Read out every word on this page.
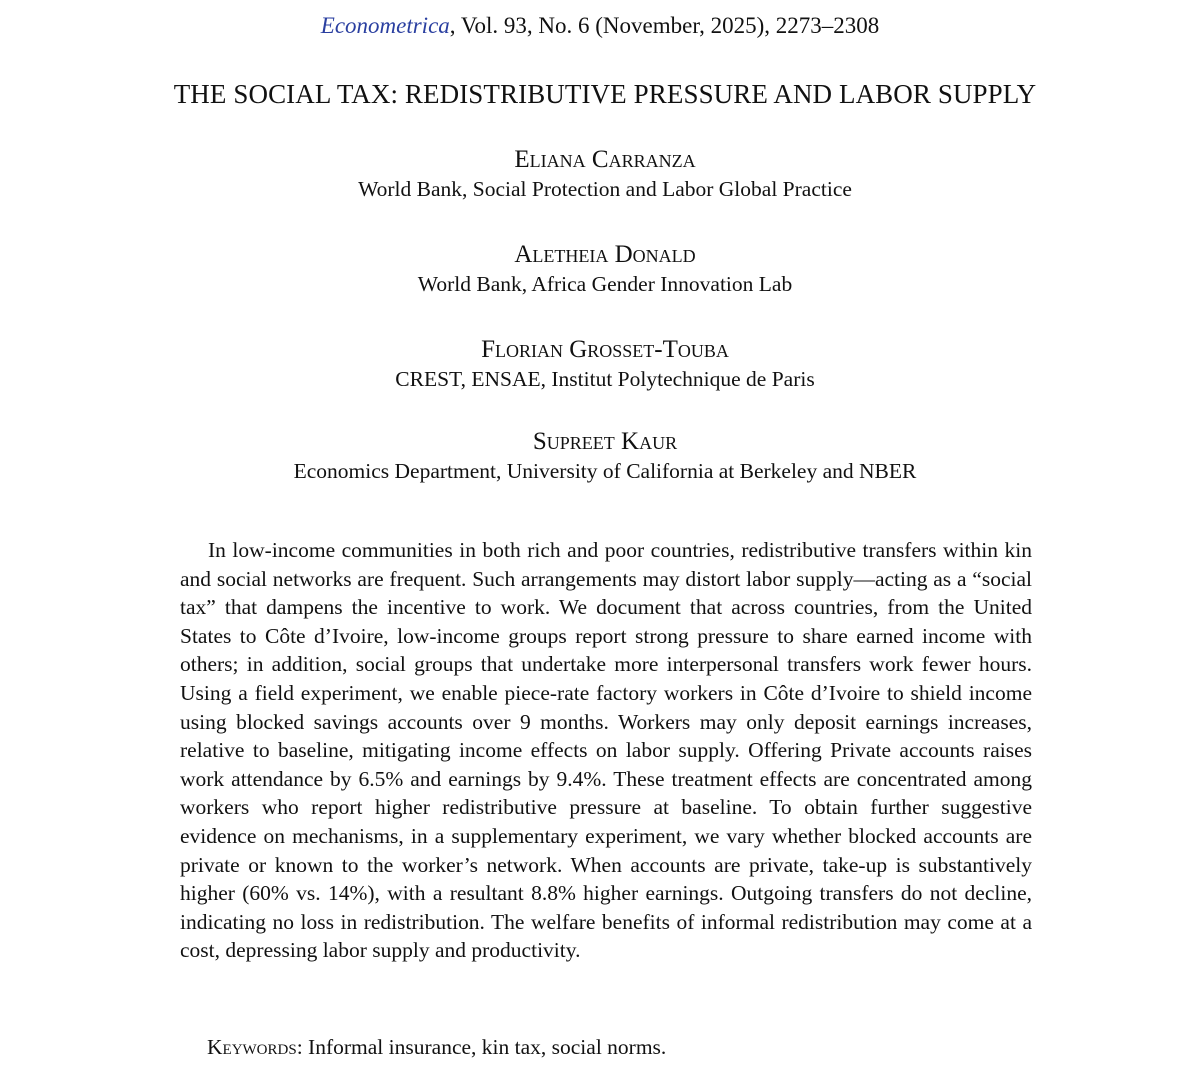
Econometrica, Vol. 93, No. 6 (November, 2025), 2273–2308
THE SOCIAL TAX: REDISTRIBUTIVE PRESSURE AND LABOR SUPPLY
Eliana Carranza
World Bank, Social Protection and Labor Global Practice
Aletheia Donald
World Bank, Africa Gender Innovation Lab
Florian Grosset-Touba
CREST, ENSAE, Institut Polytechnique de Paris
Supreet Kaur
Economics Department, University of California at Berkeley and NBER

In low-income communities in both rich and poor countries, redistributive transfers within kin and social networks are frequent. Such arrangements may distort labor supply—acting as a “social tax” that dampens the incentive to work. We document that across countries, from the United States to Côte d’Ivoire, low-income groups report strong pressure to share earned income with others; in addition, social groups that undertake more interpersonal transfers work fewer hours. Using a field experiment, we enable piece-rate factory workers in Côte d’Ivoire to shield income using blocked savings accounts over 9 months. Workers may only deposit earnings increases, relative to baseline, mitigating income effects on labor supply. Offering Private accounts raises work attendance by 6.5% and earnings by 9.4%. These treatment effects are concentrated among workers who report higher redistributive pressure at baseline. To obtain further suggestive evidence on mechanisms, in a supplementary experiment, we vary whether blocked accounts are private or known to the worker’s network. When accounts are private, take-up is substantively higher (60% vs. 14%), with a resultant 8.8% higher earnings. Outgoing transfers do not decline, indicating no loss in redistribution. The welfare benefits of informal redistribution may come at a cost, depressing labor supply and productivity.

Keywords: Informal insurance, kin tax, social norms.
